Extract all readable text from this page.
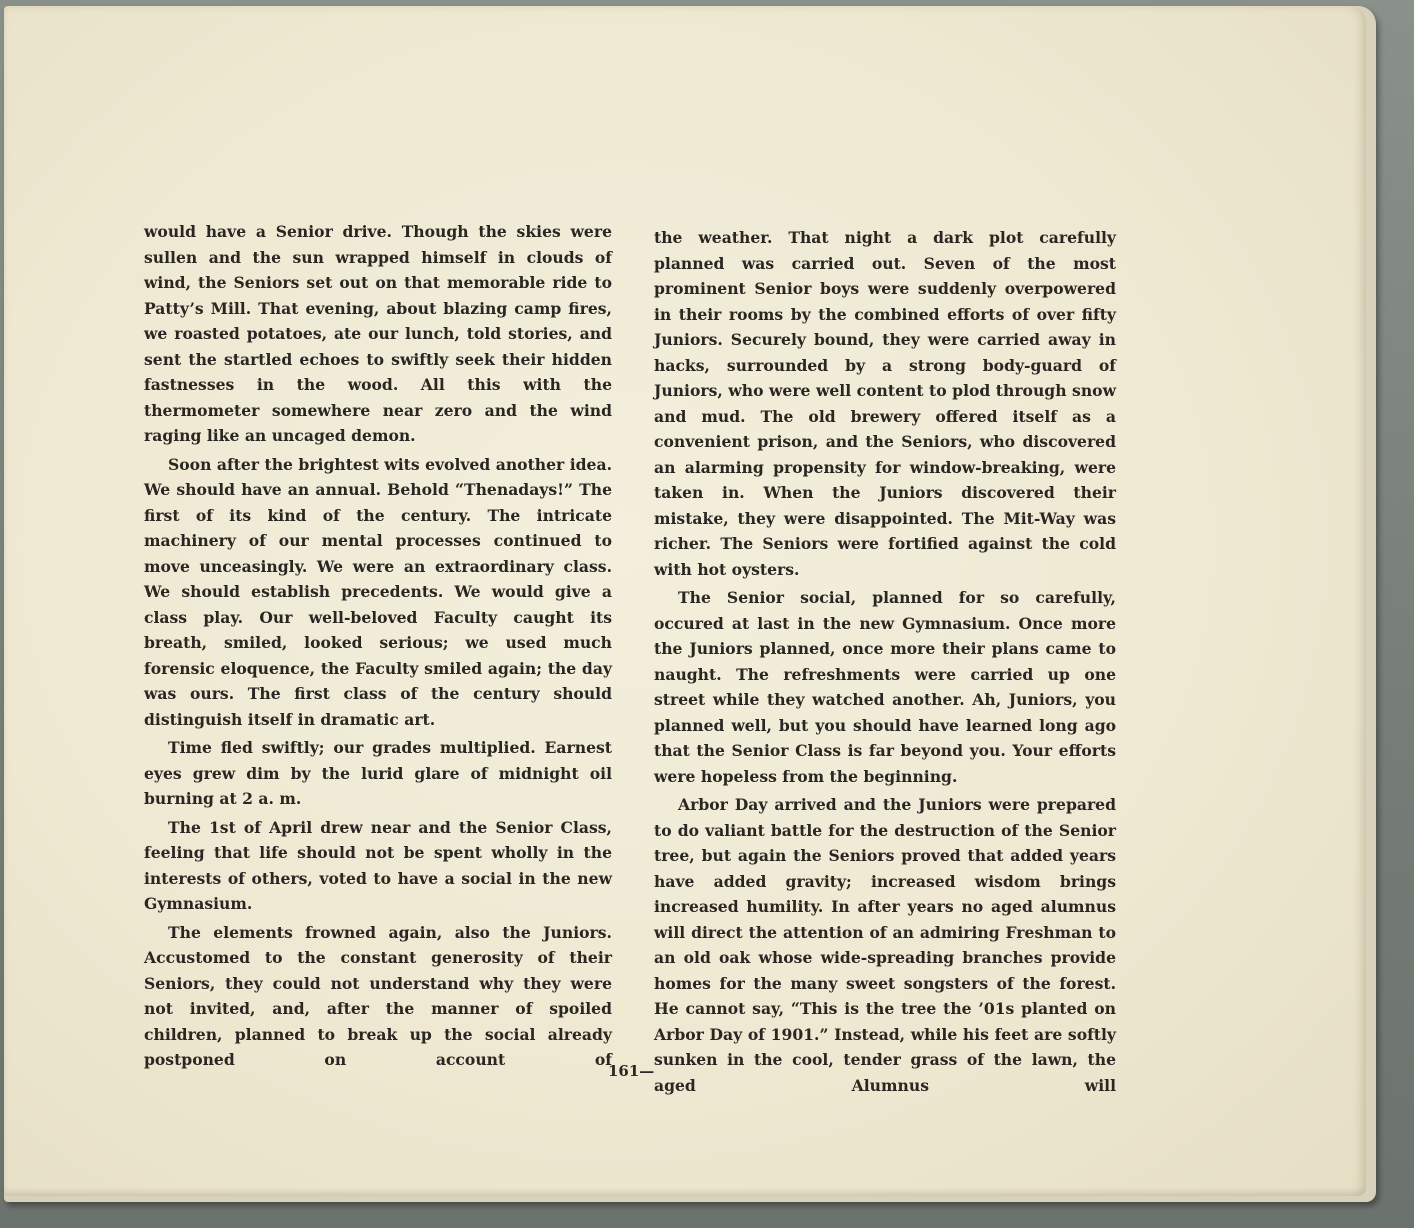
would have a Senior drive. Though the skies were sullen and the sun wrapped himself in clouds of wind, the Seniors set out on that memorable ride to Patty’s Mill. That evening, about blazing camp fires, we roasted potatoes, ate our lunch, told stories, and sent the startled echoes to swiftly seek their hidden fastnesses in the wood. All this with the thermometer somewhere near zero and the wind raging like an uncaged demon.

Soon after the brightest wits evolved another idea. We should have an annual. Behold “Thenadays!” The first of its kind of the century. The intricate machinery of our mental processes continued to move unceasingly. We were an extraordinary class. We should establish precedents. We would give a class play. Our well-beloved Faculty caught its breath, smiled, looked serious; we used much forensic eloquence, the Faculty smiled again; the day was ours. The first class of the century should distinguish itself in dramatic art.

Time fled swiftly; our grades multiplied. Earnest eyes grew dim by the lurid glare of midnight oil burning at 2 a. m.

The 1st of April drew near and the Senior Class, feeling that life should not be spent wholly in the interests of others, voted to have a social in the new Gymnasium.

The elements frowned again, also the Juniors. Accustomed to the constant generosity of their Seniors, they could not understand why they were not invited, and, after the manner of spoiled children, planned to break up the social already postponed on account of

the weather. That night a dark plot carefully planned was carried out. Seven of the most prominent Senior boys were suddenly overpowered in their rooms by the combined efforts of over fifty Juniors. Securely bound, they were carried away in hacks, surrounded by a strong body-guard of Juniors, who were well content to plod through snow and mud. The old brewery offered itself as a convenient prison, and the Seniors, who discovered an alarming propensity for window-breaking, were taken in. When the Juniors discovered their mistake, they were disappointed. The Mit-Way was richer. The Seniors were fortified against the cold with hot oysters.

The Senior social, planned for so carefully, occured at last in the new Gymnasium. Once more the Juniors planned, once more their plans came to naught. The refreshments were carried up one street while they watched another. Ah, Juniors, you planned well, but you should have learned long ago that the Senior Class is far beyond you. Your efforts were hopeless from the beginning.

Arbor Day arrived and the Juniors were prepared to do valiant battle for the destruction of the Senior tree, but again the Seniors proved that added years have added gravity; increased wisdom brings increased humility. In after years no aged alumnus will direct the attention of an admiring Freshman to an old oak whose wide-spreading branches provide homes for the many sweet songsters of the forest. He cannot say, “This is the tree the ’01s planted on Arbor Day of 1901.” Instead, while his feet are softly sunken in the cool, tender grass of the lawn, the aged Alumnus will

161—
